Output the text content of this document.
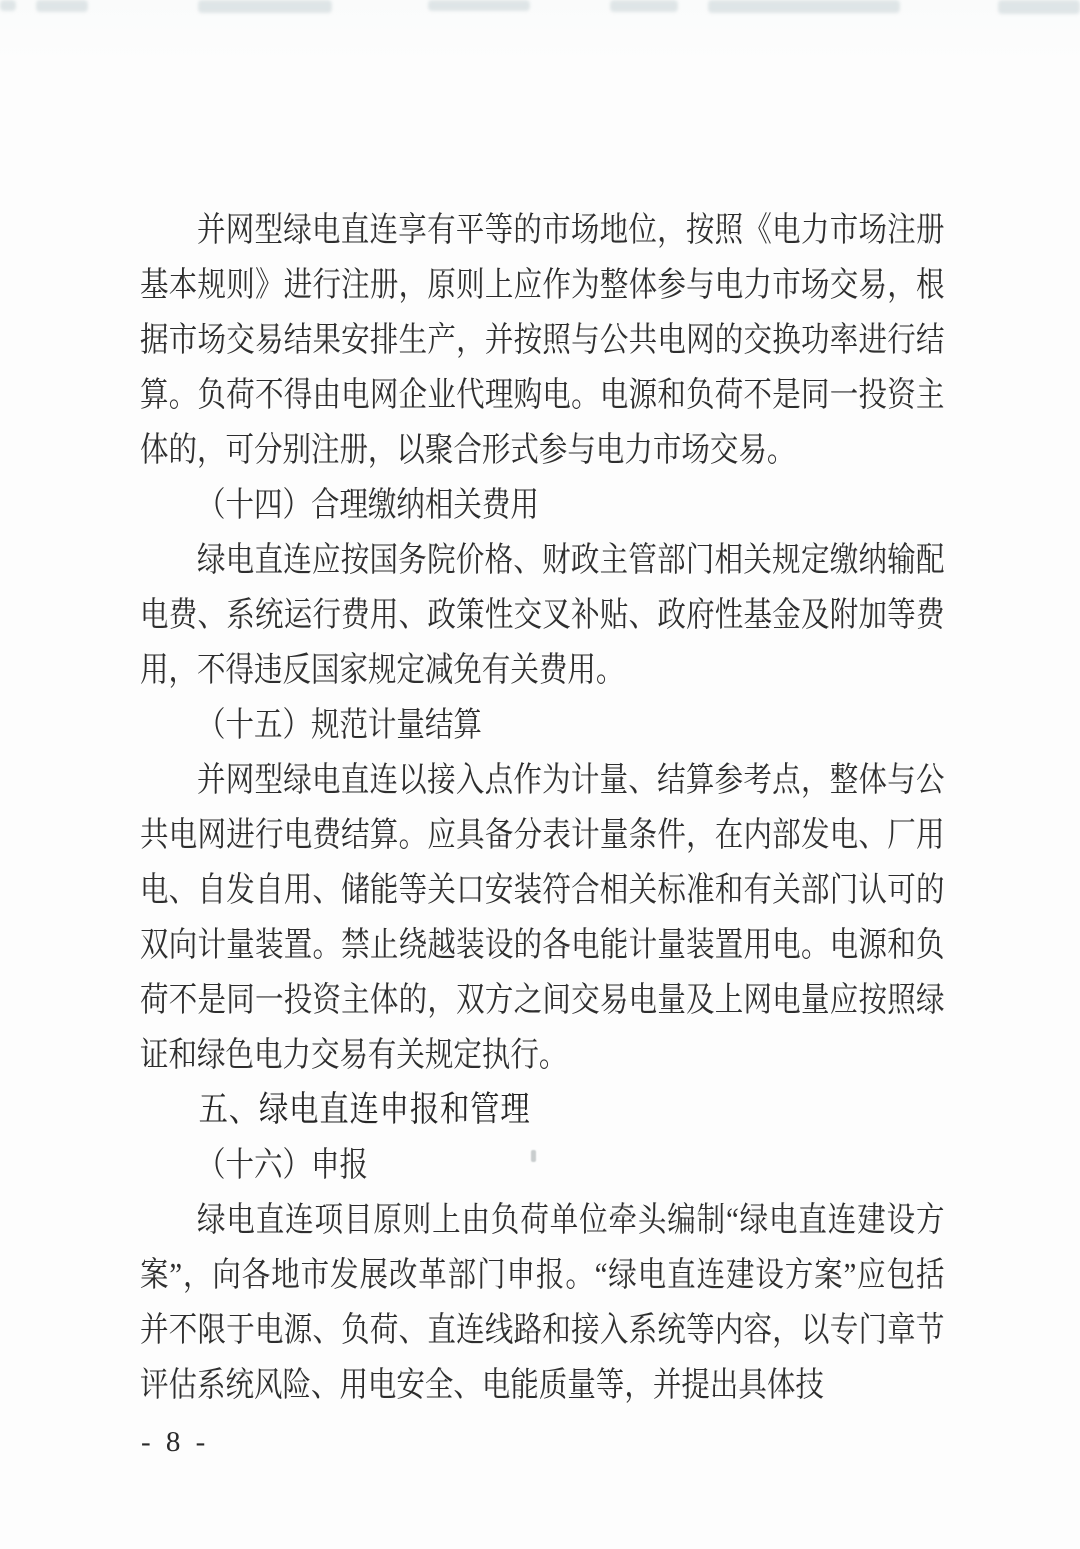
并网型绿电直连享有平等的市场地位，按照《电力市场注册基本规则》进行注册，原则上应作为整体参与电力市场交易，根据市场交易结果安排生产，并按照与公共电网的交换功率进行结算。负荷不得由电网企业代理购电。电源和负荷不是同一投资主体的，可分别注册，以聚合形式参与电力市场交易。

（十四）合理缴纳相关费用

绿电直连应按国务院价格、财政主管部门相关规定缴纳输配电费、系统运行费用、政策性交叉补贴、政府性基金及附加等费用，不得违反国家规定减免有关费用。

（十五）规范计量结算

并网型绿电直连以接入点作为计量、结算参考点，整体与公共电网进行电费结算。应具备分表计量条件，在内部发电、厂用电、自发自用、储能等关口安装符合相关标准和有关部门认可的双向计量装置。禁止绕越装设的各电能计量装置用电。电源和负荷不是同一投资主体的，双方之间交易电量及上网电量应按照绿证和绿色电力交易有关规定执行。

五、绿电直连申报和管理
（十六）申报

绿电直连项目原则上由负荷单位牵头编制“绿电直连建设方案”，向各地市发展改革部门申报。“绿电直连建设方案”应包括并不限于电源、负荷、直连线路和接入系统等内容，以专门章节评估系统风险、用电安全、电能质量等，并提出具体技

- 8 -
